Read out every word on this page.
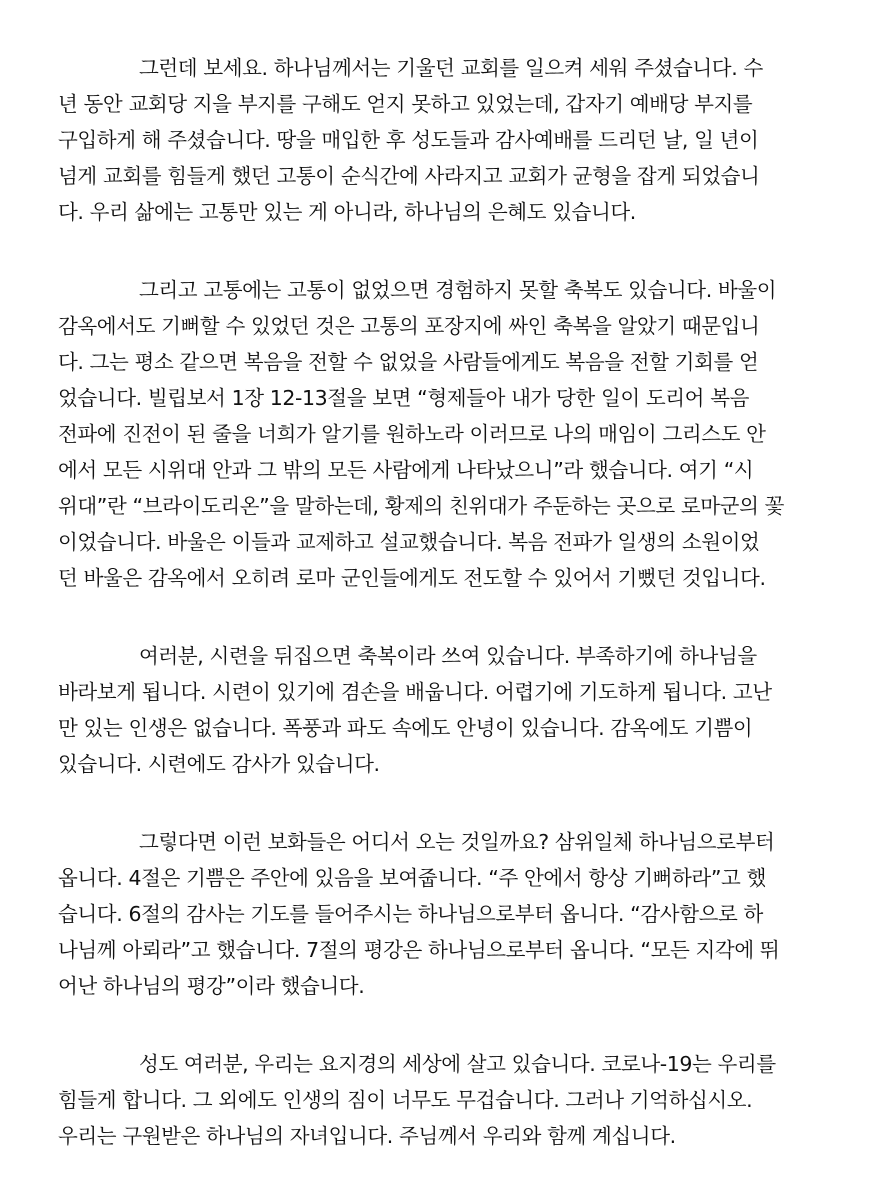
그런데 보세요. 하나님께서는 기울던 교회를 일으켜 세워 주셨습니다. 수
년 동안 교회당 지을 부지를 구해도 얻지 못하고 있었는데, 갑자기 예배당 부지를
구입하게 해 주셨습니다. 땅을 매입한 후 성도들과 감사예배를 드리던 날, 일 년이
넘게 교회를 힘들게 했던 고통이 순식간에 사라지고 교회가 균형을 잡게 되었습니
다. 우리 삶에는 고통만 있는 게 아니라, 하나님의 은혜도 있습니다.
그리고 고통에는 고통이 없었으면 경험하지 못할 축복도 있습니다. 바울이
감옥에서도 기뻐할 수 있었던 것은 고통의 포장지에 싸인 축복을 알았기 때문입니
다. 그는 평소 같으면 복음을 전할 수 없었을 사람들에게도 복음을 전할 기회를 얻
었습니다. 빌립보서 1장 12-13절을 보면 “형제들아 내가 당한 일이 도리어 복음
전파에 진전이 된 줄을 너희가 알기를 원하노라 이러므로 나의 매임이 그리스도 안
에서 모든 시위대 안과 그 밖의 모든 사람에게 나타났으니”라 했습니다. 여기 “시
위대”란 “브라이도리온”을 말하는데, 황제의 친위대가 주둔하는 곳으로 로마군의 꽃
이었습니다. 바울은 이들과 교제하고 설교했습니다. 복음 전파가 일생의 소원이었
던 바울은 감옥에서 오히려 로마 군인들에게도 전도할 수 있어서 기뻤던 것입니다.
여러분, 시련을 뒤집으면 축복이라 쓰여 있습니다. 부족하기에 하나님을
바라보게 됩니다. 시련이 있기에 겸손을 배웁니다. 어렵기에 기도하게 됩니다. 고난
만 있는 인생은 없습니다. 폭풍과 파도 속에도 안녕이 있습니다. 감옥에도 기쁨이
있습니다. 시련에도 감사가 있습니다.
그렇다면 이런 보화들은 어디서 오는 것일까요? 삼위일체 하나님으로부터
옵니다. 4절은 기쁨은 주안에 있음을 보여줍니다. “주 안에서 항상 기뻐하라”고 했
습니다. 6절의 감사는 기도를 들어주시는 하나님으로부터 옵니다. “감사함으로 하
나님께 아뢰라”고 했습니다. 7절의 평강은 하나님으로부터 옵니다. “모든 지각에 뛰
어난 하나님의 평강”이라 했습니다.
성도 여러분, 우리는 요지경의 세상에 살고 있습니다. 코로나-19는 우리를
힘들게 합니다. 그 외에도 인생의 짐이 너무도 무겁습니다. 그러나 기억하십시오.
우리는 구원받은 하나님의 자녀입니다. 주님께서 우리와 함께 계십니다.
